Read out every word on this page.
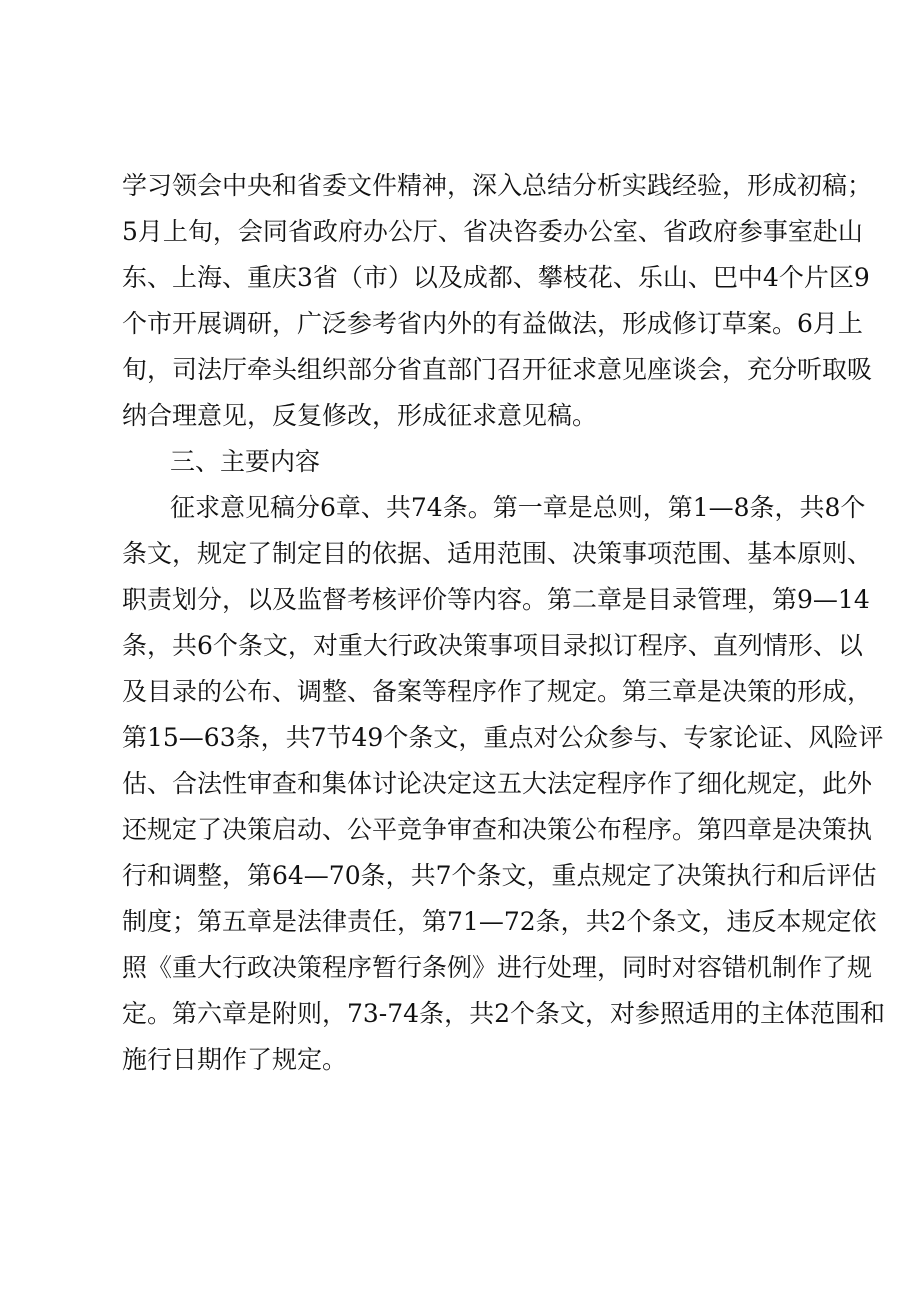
学习领会中央和省委文件精神，深入总结分析实践经验，形成初稿；
5月上旬，会同省政府办公厅、省决咨委办公室、省政府参事室赴山
东、上海、重庆3省（市）以及成都、攀枝花、乐山、巴中4个片区9
个市开展调研，广泛参考省内外的有益做法，形成修订草案。6月上
旬，司法厅牵头组织部分省直部门召开征求意见座谈会，充分听取吸
纳合理意见，反复修改，形成征求意见稿。
三、主要内容
征求意见稿分6章、共74条。第一章是总则，第1—8条，共8个
条文，规定了制定目的依据、适用范围、决策事项范围、基本原则、
职责划分，以及监督考核评价等内容。第二章是目录管理，第9—14
条，共6个条文，对重大行政决策事项目录拟订程序、直列情形、以
及目录的公布、调整、备案等程序作了规定。第三章是决策的形成，
第15—63条，共7节49个条文，重点对公众参与、专家论证、风险评
估、合法性审查和集体讨论决定这五大法定程序作了细化规定，此外
还规定了决策启动、公平竞争审查和决策公布程序。第四章是决策执
行和调整，第64—70条，共7个条文，重点规定了决策执行和后评估
制度；第五章是法律责任，第71—72条，共2个条文，违反本规定依
照《重大行政决策程序暂行条例》进行处理，同时对容错机制作了规
定。第六章是附则，73-74条，共2个条文，对参照适用的主体范围和
施行日期作了规定。
